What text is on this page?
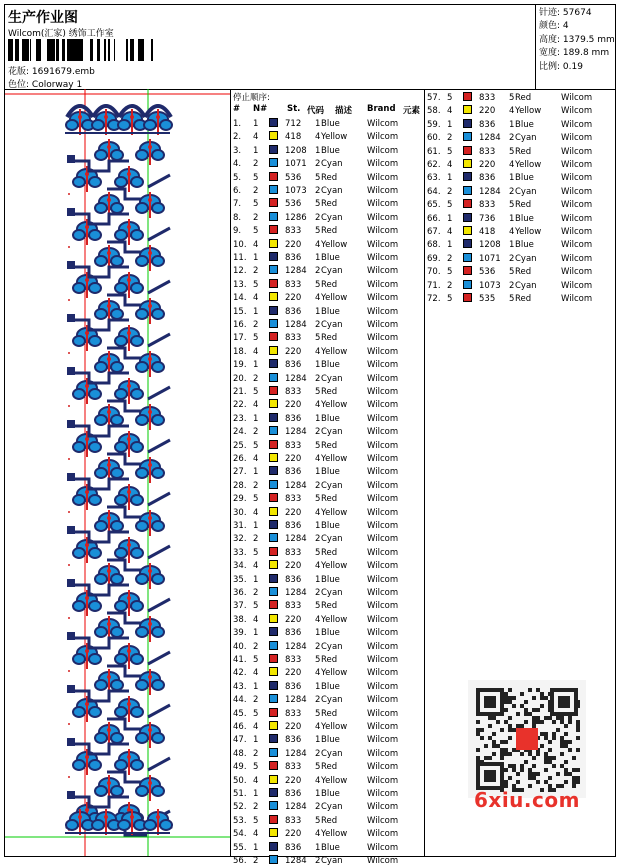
生产作业图
Wilcom(汇家) 绣饰工作室
花版: 1691679.emb
色位: Colorway 1
针迹: 57674
颜色: 4
高度: 1379.5 mm
宽度: 189.8 mm
比例: 0.19
停止顺序:
# N# St. 代码 描述 Brand 元素
1. 1	712 1 Blue	Wilcom
2. 4	418 4 Yellow Wilcom
3. 1	1208 1 Blue	Wilcom
4. 2	1071 2 Cyan	Wilcom
5. 5	536 5 Red	Wilcom
6. 2	1073 2 Cyan	Wilcom
7. 5	536 5 Red	Wilcom
8. 2	1286 2 Cyan	Wilcom
9. 5	833 5 Red	Wilcom
10. 4	220 4 Yellow Wilcom
11. 1	836 1 Blue	Wilcom
12. 2	1284 2 Cyan	Wilcom
13. 5	833 5 Red	Wilcom
14. 4	220 4 Yellow Wilcom
15. 1	836 1 Blue	Wilcom
16. 2	1284 2 Cyan	Wilcom
17. 5	833 5 Red	Wilcom
18. 4	220 4 Yellow Wilcom
19. 1	836 1 Blue	Wilcom
20. 2	1284 2 Cyan	Wilcom
21. 5	833 5 Red	Wilcom
22. 4	220 4 Yellow Wilcom
23. 1	836 1 Blue	Wilcom
24. 2	1284 2 Cyan	Wilcom
25. 5	833 5 Red	Wilcom
26. 4	220 4 Yellow Wilcom
27. 1	836 1 Blue	Wilcom
28. 2	1284 2 Cyan	Wilcom
29. 5	833 5 Red	Wilcom
30. 4	220 4 Yellow Wilcom
31. 1	836 1 Blue	Wilcom
32. 2	1284 2 Cyan	Wilcom
33. 5	833 5 Red	Wilcom
34. 4	220 4 Yellow Wilcom
35. 1	836 1 Blue	Wilcom
36. 2	1284 2 Cyan	Wilcom
37. 5	833 5 Red	Wilcom
38. 4	220 4 Yellow Wilcom
39. 1	836 1 Blue	Wilcom
40. 2	1284 2 Cyan	Wilcom
41. 5	833 5 Red	Wilcom
42. 4	220 4 Yellow Wilcom
43. 1	836 1 Blue	Wilcom
44. 2	1284 2 Cyan	Wilcom
45. 5	833 5 Red	Wilcom
46. 4	220 4 Yellow Wilcom
47. 1	836 1 Blue	Wilcom
48. 2	1284 2 Cyan	Wilcom
49. 5	833 5 Red	Wilcom
50. 4	220 4 Yellow Wilcom
51. 1	836 1 Blue	Wilcom
52. 2	1284 2 Cyan	Wilcom
53. 5	833 5 Red	Wilcom
54. 4	220 4 Yellow Wilcom
55. 1	836 1 Blue	Wilcom
56. 2	1284 2 Cyan	Wilcom
57. 5	833 5 Red	Wilcom
58. 4	220 4 Yellow Wilcom
59. 1	836 1 Blue	Wilcom
60. 2	1284 2 Cyan	Wilcom
61. 5	833 5 Red	Wilcom
62. 4	220 4 Yellow Wilcom
63. 1	836 1 Blue	Wilcom
64. 2	1284 2 Cyan	Wilcom
65. 5	833 5 Red	Wilcom
66. 1	736 1 Blue	Wilcom
67. 4	418 4 Yellow Wilcom
68. 1	1208 1 Blue	Wilcom
69. 2	1071 2 Cyan	Wilcom
70. 5	536 5 Red	Wilcom
71. 2	1073 2 Cyan	Wilcom
72. 5	535 5 Red	Wilcom
6xiu.com
